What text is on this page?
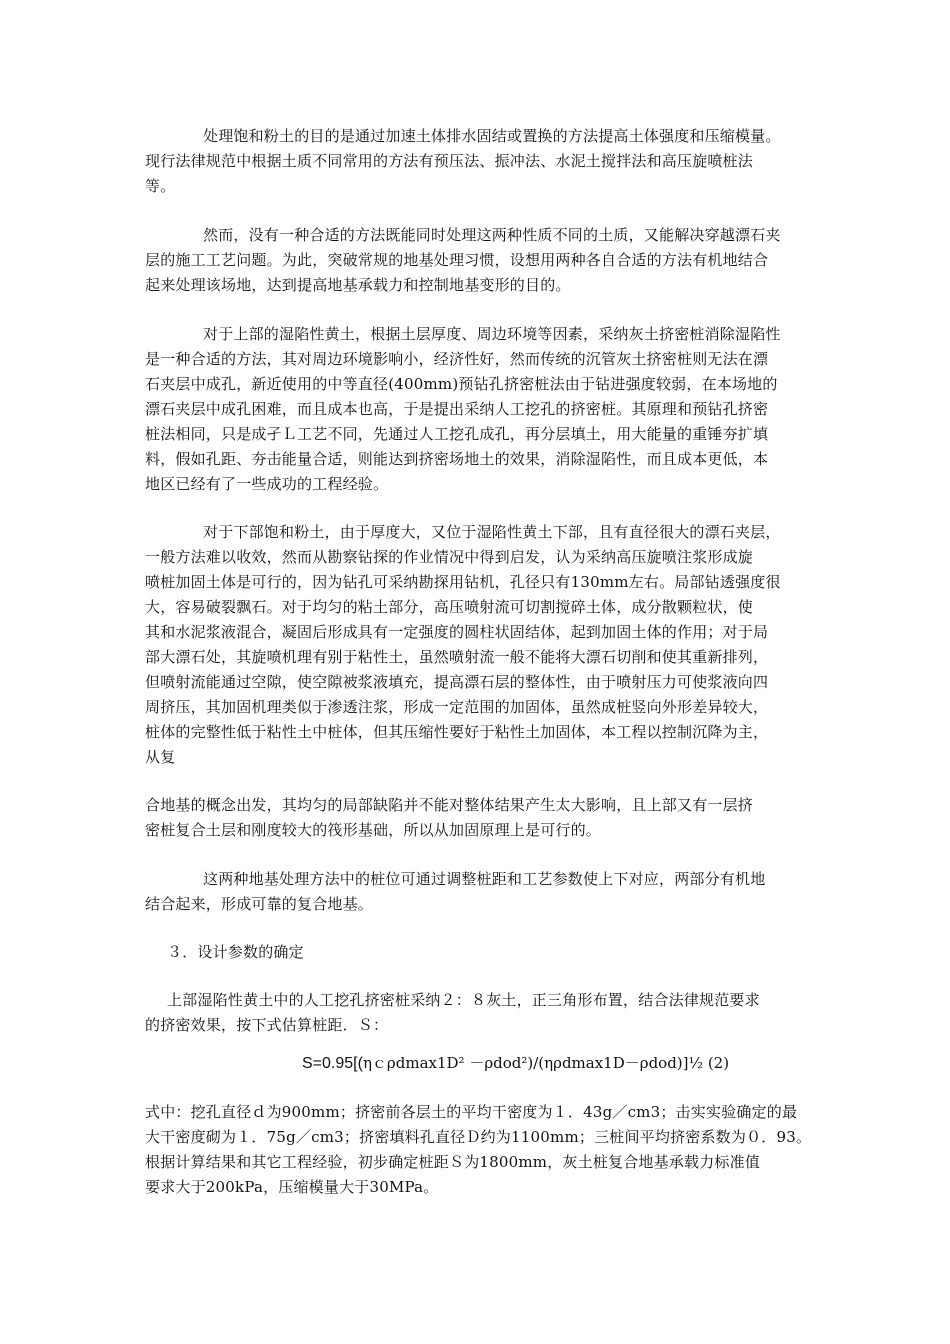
处理饱和粉土的目的是通过加速土体排水固结或置换的方法提高土体强度和压缩模量。
现行法律规范中根据土质不同常用的方法有预压法、振冲法、水泥土搅拌法和高压旋喷桩法
等。
然而，没有一种合适的方法既能同时处理这两种性质不同的土质，又能解决穿越漂石夹
层的施工工艺问题。为此，突破常规的地基处理习惯，设想用两种各自合适的方法有机地结合
起来处理该场地，达到提高地基承载力和控制地基变形的目的。
对于上部的湿陷性黄土，根据土层厚度、周边环境等因素，采纳灰土挤密桩消除湿陷性
是一种合适的方法，其对周边环境影响小，经济性好，然而传统的沉管灰土挤密桩则无法在漂
石夹层中成孔，新近使用的中等直径(400mm)预钻孔挤密桩法由于钻进强度较弱，在本场地的
漂石夹层中成孔困难，而且成本也高，于是提出采纳人工挖孔的挤密桩。其原理和预钻孔挤密
桩法相同，只是成孑Ｌ工艺不同，先通过人工挖孔成孔，再分层填土，用大能量的重锤夯扩填
料，假如孔距、夯击能量合适，则能达到挤密场地土的效果，消除湿陷性，而且成本更低，本
地区已经有了一些成功的工程经验。
对于下部饱和粉土，由于厚度大，又位于湿陷性黄土下部，且有直径很大的漂石夹层，
一般方法难以收效，然而从勘察钻探的作业情况中得到启发，认为采纳高压旋喷注浆形成旋
喷桩加固土体是可行的，因为钻孔可采纳勘探用钻机，孔径只有130mm左右。局部钻透强度很
大，容易破裂飘石。对于均匀的粘土部分，高压喷射流可切割搅碎土体，成分散颗粒状，使
其和水泥浆液混合，凝固后形成具有一定强度的圆柱状固结体，起到加固土体的作用；对于局
部大漂石处，其旋喷机理有别于粘性土，虽然喷射流一般不能将大漂石切削和使其重新排列，
但喷射流能通过空隙，使空隙被浆液填充，提高漂石层的整体性，由于喷射压力可使浆液向四
周挤压，其加固机理类似于渗透注浆，形成一定范围的加固体，虽然成桩竖向外形差异较大，
桩体的完整性低于粘性土中桩体，但其压缩性要好于粘性土加固体，本工程以控制沉降为主，
从复
合地基的概念出发，其均匀的局部缺陷并不能对整体结果产生太大影响，且上部又有一层挤
密桩复合土层和刚度较大的筏形基础，所以从加固原理上是可行的。
这两种地基处理方法中的桩位可通过调整桩距和工艺参数使上下对应，两部分有机地
结合起来，形成可靠的复合地基。
３．设计参数的确定
上部湿陷性黄土中的人工挖孔挤密桩采纳２：８灰土，正三角形布置，结合法律规范要求
的挤密效果，按下式估算桩距．Ｓ：
S=0.95[(ηｃρdmax1D² －ρdod²)/(ηρdmax1D－ρdod)]½ (2)
式中：挖孔直径ｄ为900mm；挤密前各层土的平均干密度为１．43g／cm3；击实实验确定的最
大干密度砌为１．75g／cm3；挤密填料孔直径Ｄ约为1100mm；三桩间平均挤密系数为０．93。
根据计算结果和其它工程经验，初步确定桩距Ｓ为1800mm，灰土桩复合地基承载力标准值
要求大于200kPa，压缩模量大于30MPa。
